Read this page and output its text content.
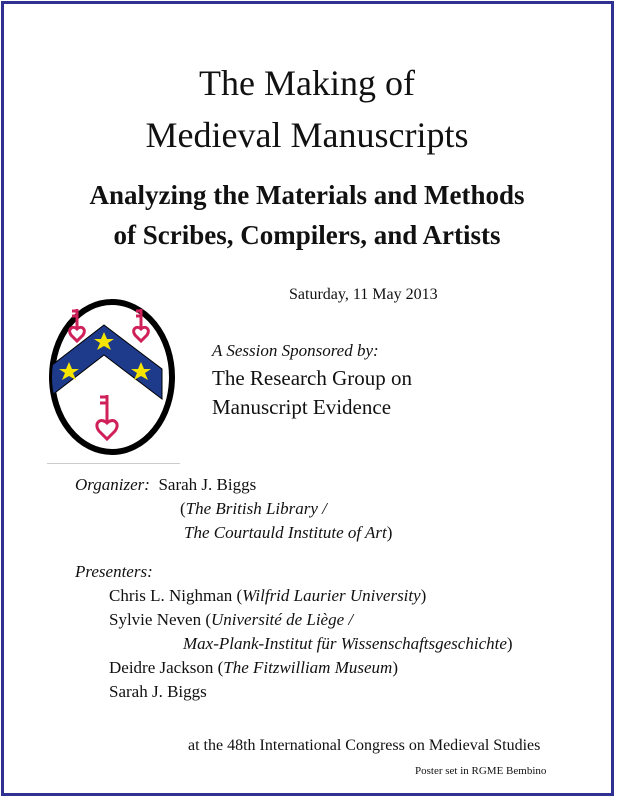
The Making of
Medieval Manuscripts
Analyzing the Materials and Methods
of Scribes, Compilers, and Artists
Saturday, 11 May 2013
A Session Sponsored by:
The Research Group on
Manuscript Evidence
Organizer: Sarah J. Biggs
(The British Library /
The Courtauld Institute of Art)
Presenters:
Chris L. Nighman (Wilfrid Laurier University)
Sylvie Neven (Université de Liège /
Max-Plank-Institut für Wissenschaftsgeschichte)
Deidre Jackson (The Fitzwilliam Museum)
Sarah J. Biggs
at the 48th International Congress on Medieval Studies
Poster set in RGME Bembino
